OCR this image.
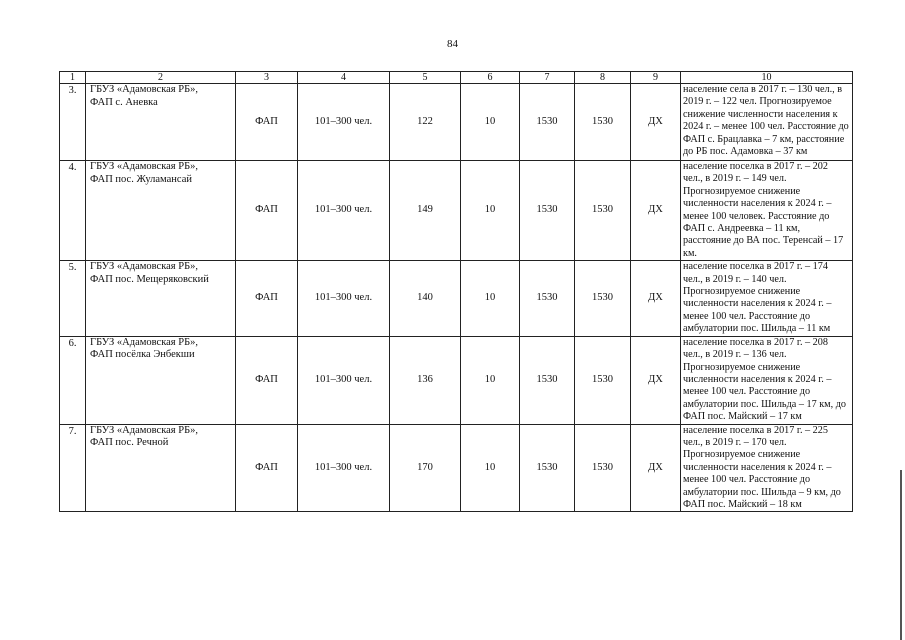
84
1	2	3	4	5	6	7	8	9	10
3.	ГБУЗ «Адамовская РБ»,
ФАП с. Аневка	ФАП	101–300 чел.	122	10	1530	1530	ДХ	население села в 2017 г. – 130 чел., в 2019 г. – 122 чел. Прогнозируемое снижение численности населения к 2024 г. – менее 100 чел. Расстояние до ФАП с. Брацлавка – 7 км, расстояние до РБ пос. Адамовка – 37 км
4.	ГБУЗ «Адамовская РБ»,
ФАП пос. Жуламансай	ФАП	101–300 чел.	149	10	1530	1530	ДХ	население поселка в 2017 г. – 202 чел., в 2019 г. – 149 чел. Прогнозируемое снижение численности населения к 2024 г. – менее 100 человек. Расстояние до ФАП с. Андреевка – 11 км, расстояние до ВА пос. Теренсай – 17 км.
5.	ГБУЗ «Адамовская РБ»,
ФАП пос. Мещеряковский	ФАП	101–300 чел.	140	10	1530	1530	ДХ	население поселка в 2017 г. – 174 чел., в 2019 г. – 140 чел. Прогнозируемое снижение численности населения к 2024 г. – менее 100 чел. Расстояние до амбулатории пос. Шильда – 11 км
6.	ГБУЗ «Адамовская РБ»,
ФАП посёлка Энбекши	ФАП	101–300 чел.	136	10	1530	1530	ДХ	население поселка в 2017 г. – 208 чел., в 2019 г. – 136 чел. Прогнозируемое снижение численности населения к 2024 г. – менее 100 чел. Расстояние до амбулатории пос. Шильда – 17 км, до ФАП пос. Майский – 17 км
7.	ГБУЗ «Адамовская РБ»,
ФАП пос. Речной	ФАП	101–300 чел.	170	10	1530	1530	ДХ	население поселка в 2017 г. – 225 чел., в 2019 г. – 170 чел. Прогнозируемое снижение численности населения к 2024 г. – менее 100 чел. Расстояние до амбулатории пос. Шильда – 9 км, до ФАП пос. Майский – 18 км
